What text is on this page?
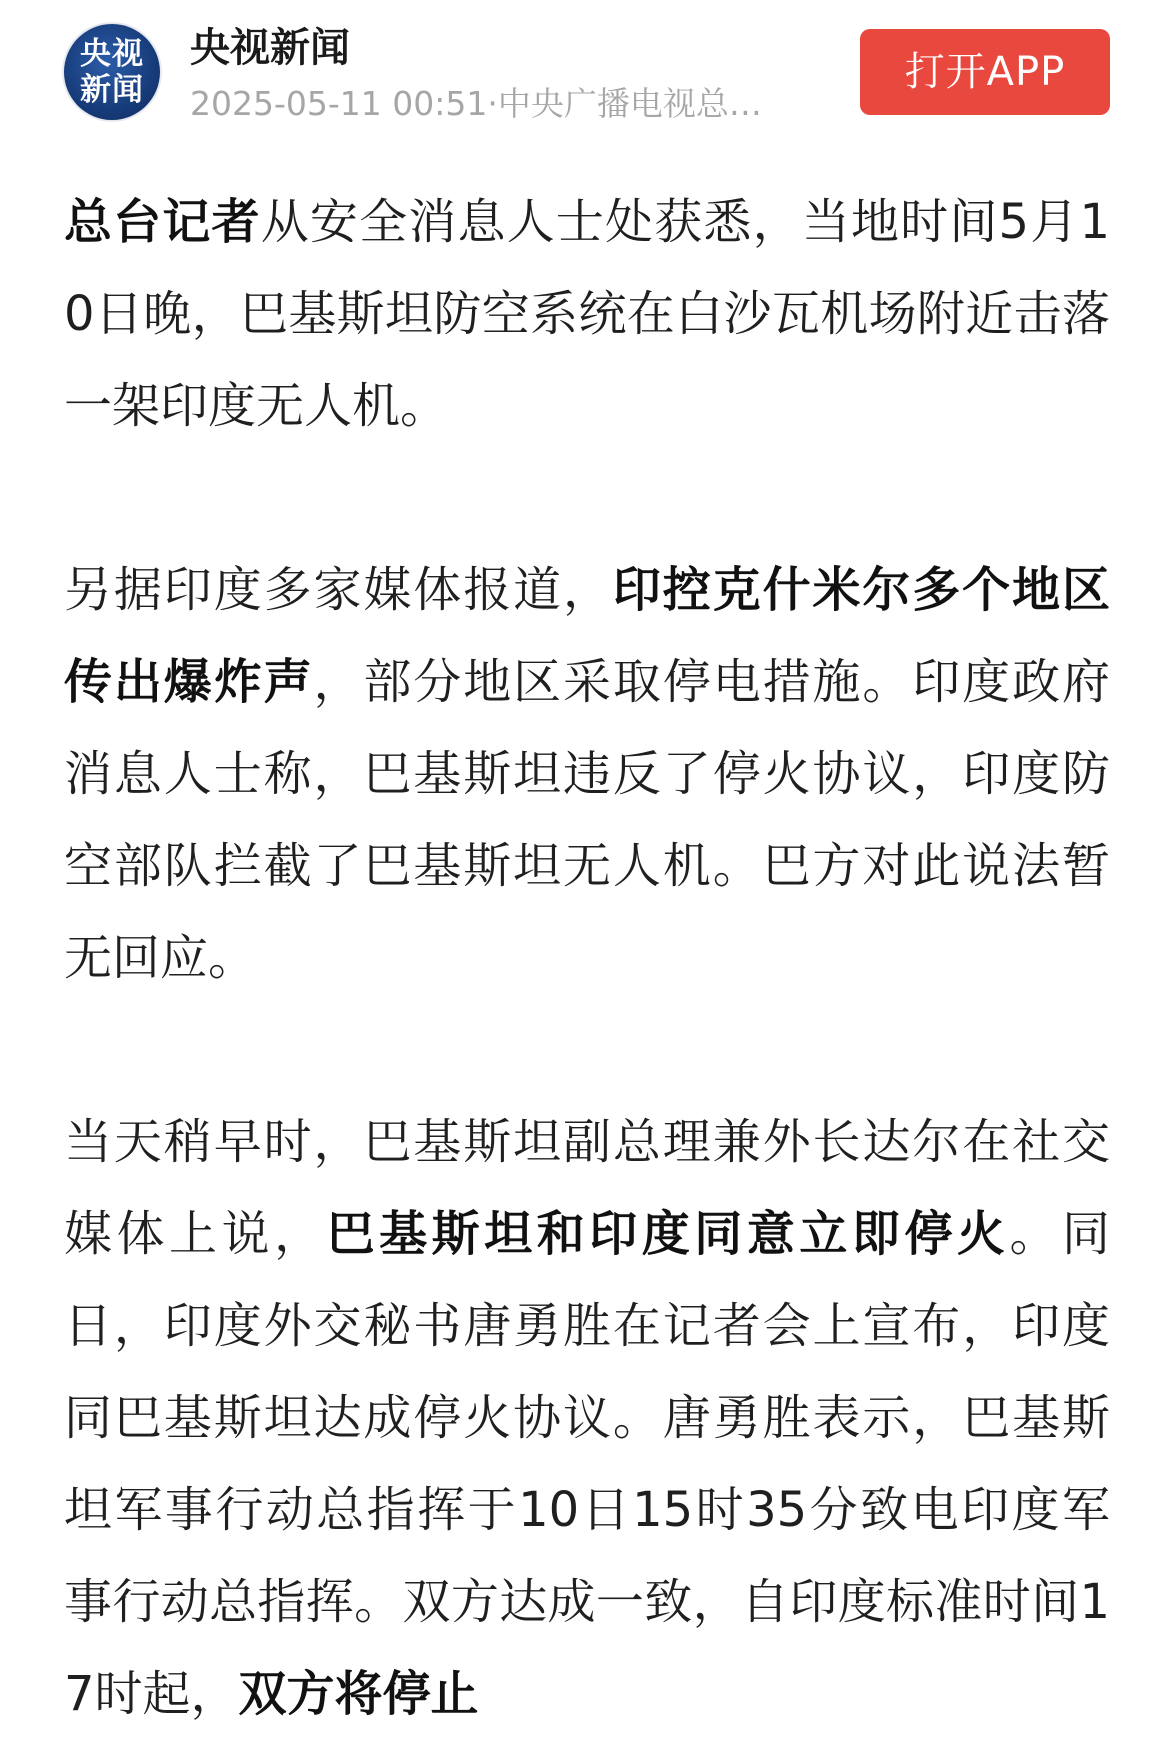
央视新闻
央视新闻
2025-05-11 00:51·中央广播电视总…
打开APP

总台记者从安全消息人士处获悉，当地时间5月10日晚，巴基斯坦防空系统在白沙瓦机场附近击落一架印度无人机。

另据印度多家媒体报道，印控克什米尔多个地区传出爆炸声，部分地区采取停电措施。印度政府消息人士称，巴基斯坦违反了停火协议，印度防空部队拦截了巴基斯坦无人机。巴方对此说法暂无回应。

当天稍早时，巴基斯坦副总理兼外长达尔在社交媒体上说，巴基斯坦和印度同意立即停火。同日，印度外交秘书唐勇胜在记者会上宣布，印度同巴基斯坦达成停火协议。唐勇胜表示，巴基斯坦军事行动总指挥于10日15时35分致电印度军事行动总指挥。双方达成一致，自印度标准时间17时起，双方将停止
